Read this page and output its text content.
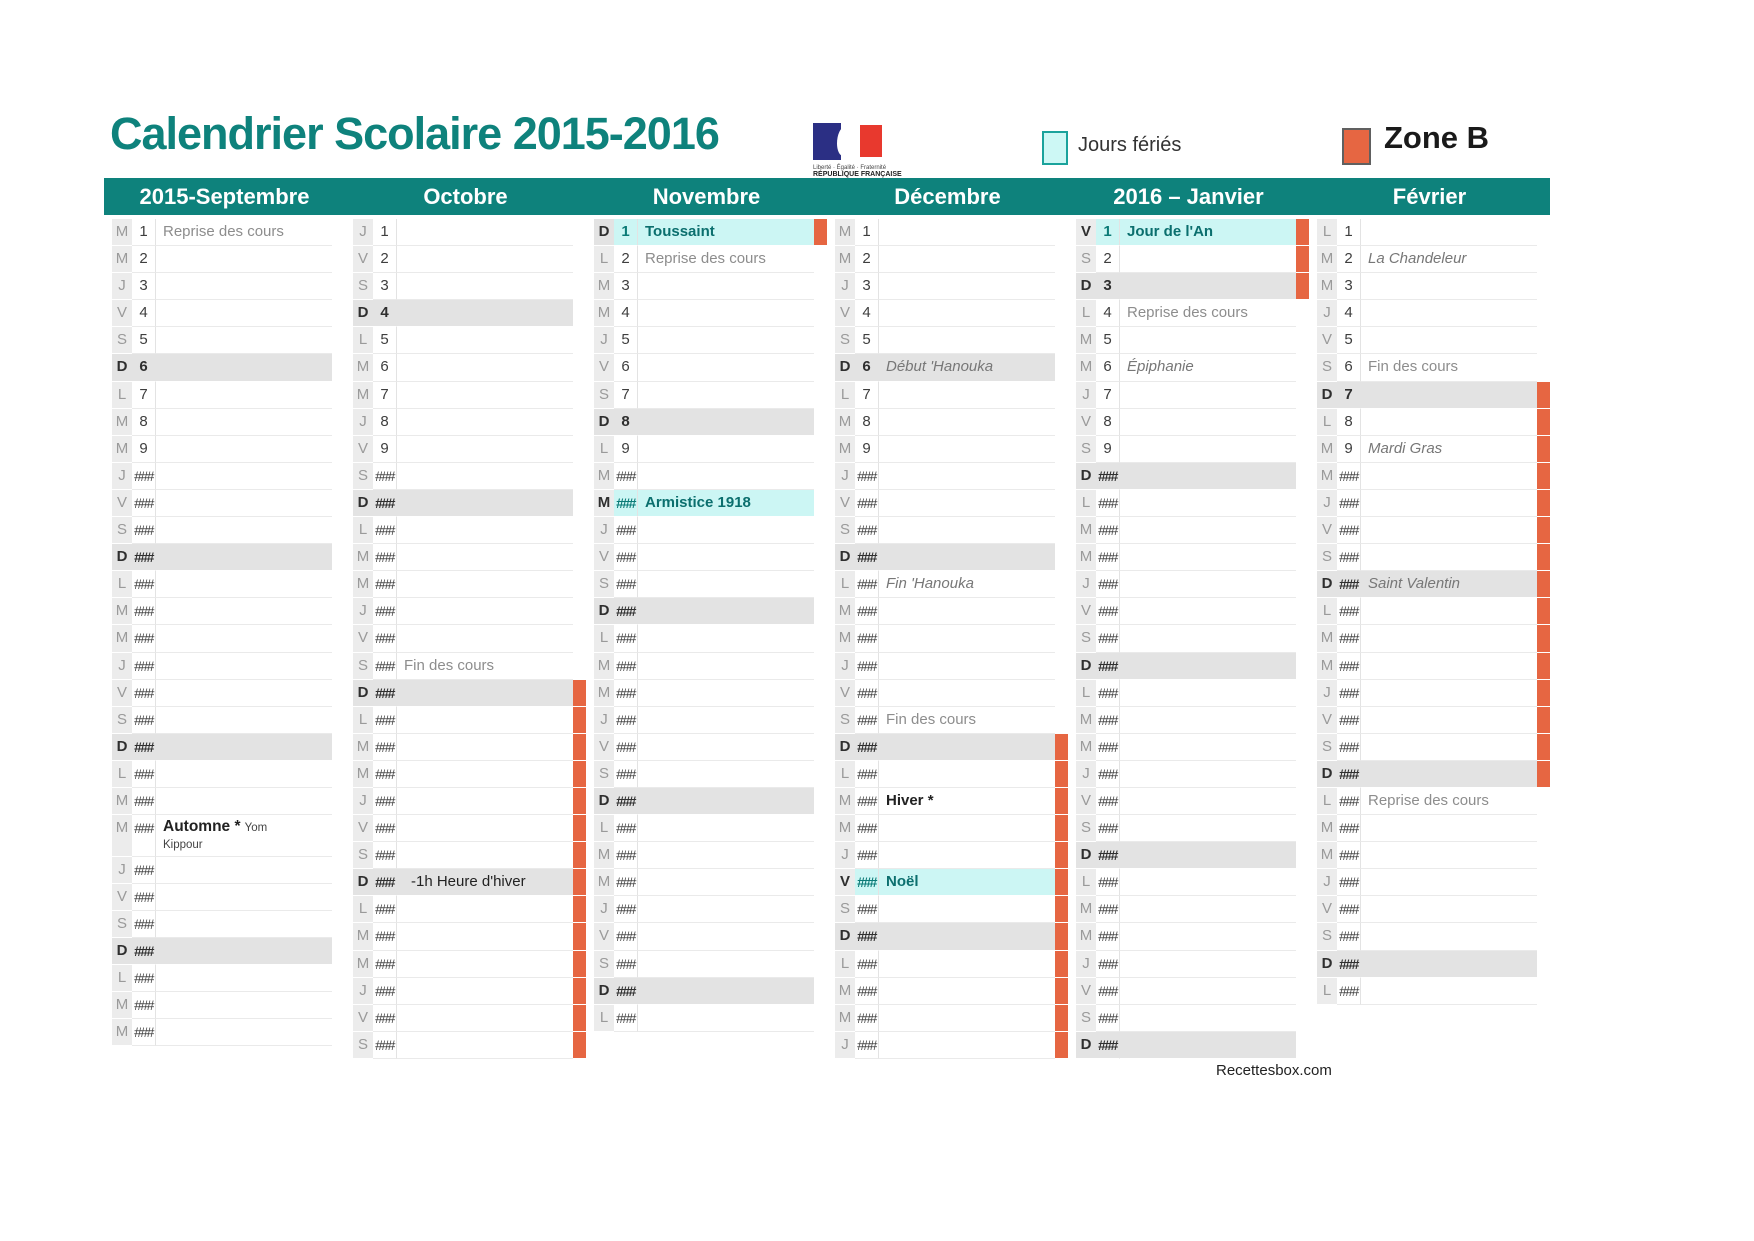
Calendrier Scolaire 2015-2016
Liberté · Égalité · Fraternité
RÉPUBLIQUE FRANÇAISE
Jours fériés	Zone B
2015-Septembre	Octobre	Novembre	Décembre	2016 – Janvier	Février
M 1	Reprise des cours
M 2
J 3
V 4
S 5
D 6
L 7
M 8
M 9
J ###
V ###
S ###
D ###
L ###
M ###
M ###
J ###
V ###
S ###
D ###
L ###
M ###
M ### Automne * Yom
Kippour
J ###
V ###
S ###
D ###
L ###
M ###
M ###
J 1
V 2
S 3
D 4
L 5
M 6
M 7
J 8
V 9
S ###
D ###
L ###
M ###
M ###
J ###
V ###
S ### Fin des cours
D ###
L ###
M ###
M ###
J ###
V ###
S ###
D ###	-1h Heure d'hiver
L ###
M ###
M ###
J ###
V ###
S ###
D 1	Toussaint
L 2	Reprise des cours
M 3
M 4
J 5
V 6
S 7
D 8
L 9
M ###
M ### Armistice 1918
J ###
V ###
S ###
D ###
L ###
M ###
M ###
J ###
V ###
S ###
D ###
L ###
M ###
M ###
J ###
V ###
S ###
D ###
L ###
M 1
M 2
J 3
V 4
S 5
D 6	Début 'Hanouka
L 7
M 8
M 9
J ###
V ###
S ###
D ###
L ### Fin 'Hanouka
M ###
M ###
J ###
V ###
S ### Fin des cours
D ###
L ###
M ### Hiver *
M ###
J ###
V ### Noël
S ###
D ###
L ###
M ###
M ###
J ###
V 1	Jour de l'An
S 2
D 3
L 4	Reprise des cours
M 5
M 6	Épiphanie
J 7
V 8
S 9
D ###
L ###
M ###
M ###
J ###
V ###
S ###
D ###
L ###
M ###
M ###
J ###
V ###
S ###
D ###
L ###
M ###
M ###
J ###
V ###
S ###
D ###
L 1
M 2	La Chandeleur
M 3
J 4
V 5
S 6	Fin des cours
D 7
L 8
M 9	Mardi Gras
M ###
J ###
V ###
S ###
D ### Saint Valentin
L ###
M ###
M ###
J ###
V ###
S ###
D ###
L ### Reprise des cours
M ###
M ###
J ###
V ###
S ###
D ###
L ###
Recettesbox.com
